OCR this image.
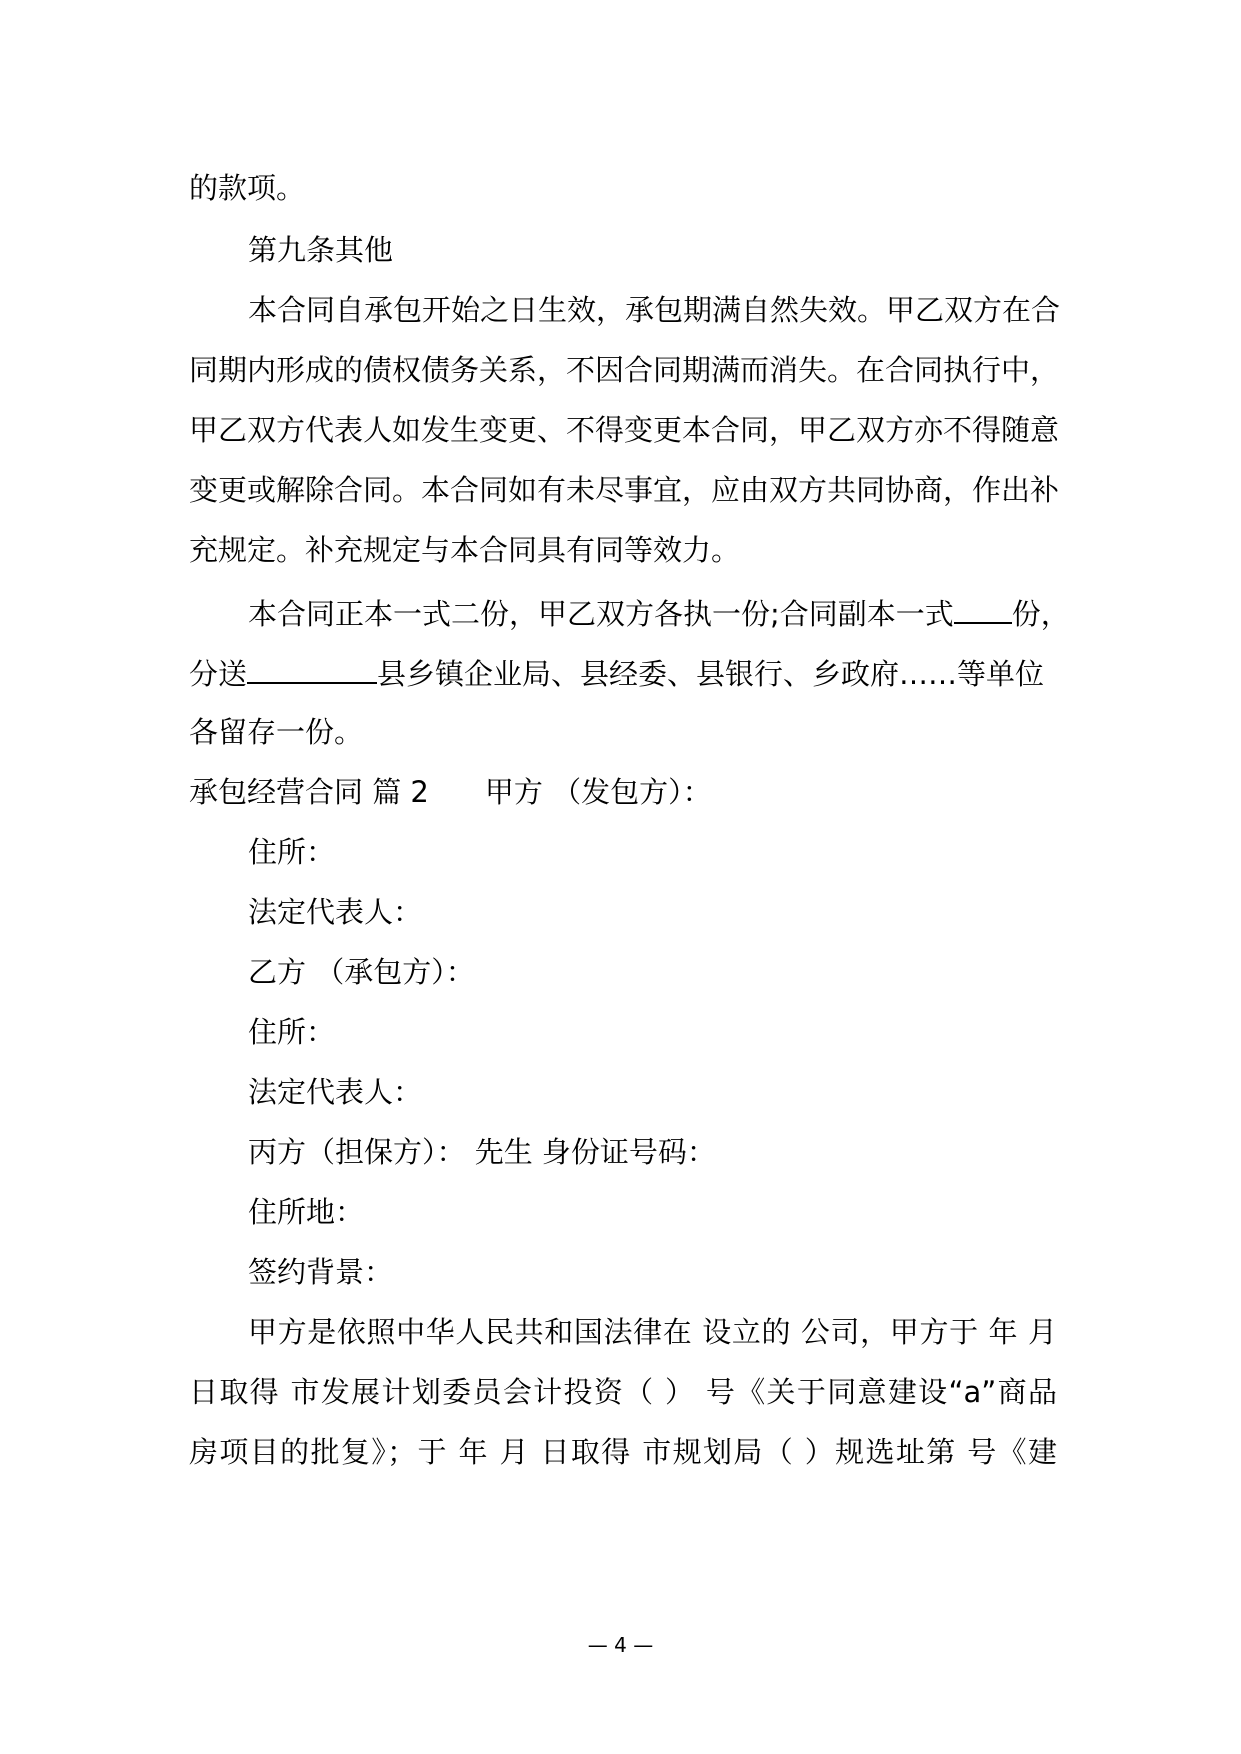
的款项。
第九条其他
本合同自承包开始之日生效，承包期满自然失效。甲乙双方在合
同期内形成的债权债务关系，不因合同期满而消失。在合同执行中，
甲乙双方代表人如发生变更、不得变更本合同，甲乙双方亦不得随意
变更或解除合同。本合同如有未尽事宜，应由双方共同协商，作出补
充规定。补充规定与本合同具有同等效力。
本合同正本一式二份，甲乙双方各执一份;合同副本一式 份，
分送	县乡镇企业局、县经委、县银行、乡政府……等单位
各留存一份。
承包经营合同 篇 2 甲方 （发包方）：
住所：
法定代表人：
乙方 （承包方）：
住所：
法定代表人：
丙方（担保方）： 先生 身份证号码：
住所地：
签约背景：
甲方是依照中华人民共和国法律在 设立的 公司，甲方于 年 月
日取得 市发展计划委员会计投资（ ） 号《关于同意建设“a”商品
房项目的批复》；于 年 月 日取得 市规划局（ ）规选址第 号《建
— 4 —
